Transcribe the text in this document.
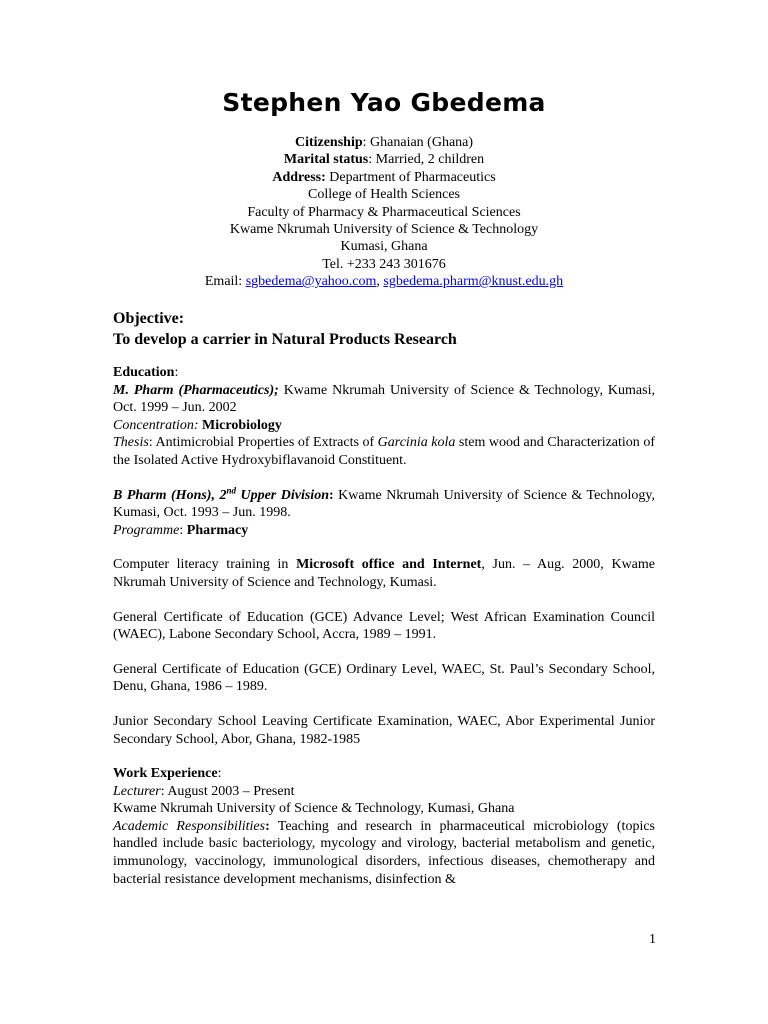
Stephen Yao Gbedema
Citizenship: Ghanaian (Ghana)
Marital status: Married, 2 children
Address: Department of Pharmaceutics
College of Health Sciences
Faculty of Pharmacy & Pharmaceutical Sciences
Kwame Nkrumah University of Science & Technology
Kumasi, Ghana
Tel. +233 243 301676
Email: sgbedema@yahoo.com, sgbedema.pharm@knust.edu.gh
Objective:
To develop a carrier in Natural Products Research
Education:
M. Pharm (Pharmaceutics); Kwame Nkrumah University of Science & Technology, Kumasi, Oct. 1999 – Jun. 2002
Concentration: Microbiology
Thesis: Antimicrobial Properties of Extracts of Garcinia kola stem wood and Characterization of the Isolated Active Hydroxybiflavanoid Constituent.
B Pharm (Hons), 2nd Upper Division: Kwame Nkrumah University of Science & Technology, Kumasi, Oct. 1993 – Jun. 1998.
Programme: Pharmacy
Computer literacy training in Microsoft office and Internet, Jun. – Aug. 2000, Kwame Nkrumah University of Science and Technology, Kumasi.
General Certificate of Education (GCE) Advance Level; West African Examination Council (WAEC), Labone Secondary School, Accra, 1989 – 1991.
General Certificate of Education (GCE) Ordinary Level, WAEC, St. Paul’s Secondary School, Denu, Ghana, 1986 – 1989.
Junior Secondary School Leaving Certificate Examination, WAEC, Abor Experimental Junior Secondary School, Abor, Ghana, 1982-1985
Work Experience:
Lecturer: August 2003 – Present
Kwame Nkrumah University of Science & Technology, Kumasi, Ghana
Academic Responsibilities: Teaching and research in pharmaceutical microbiology (topics handled include basic bacteriology, mycology and virology, bacterial metabolism and genetic, immunology, vaccinology, immunological disorders, infectious diseases, chemotherapy and bacterial resistance development mechanisms, disinfection &
1
